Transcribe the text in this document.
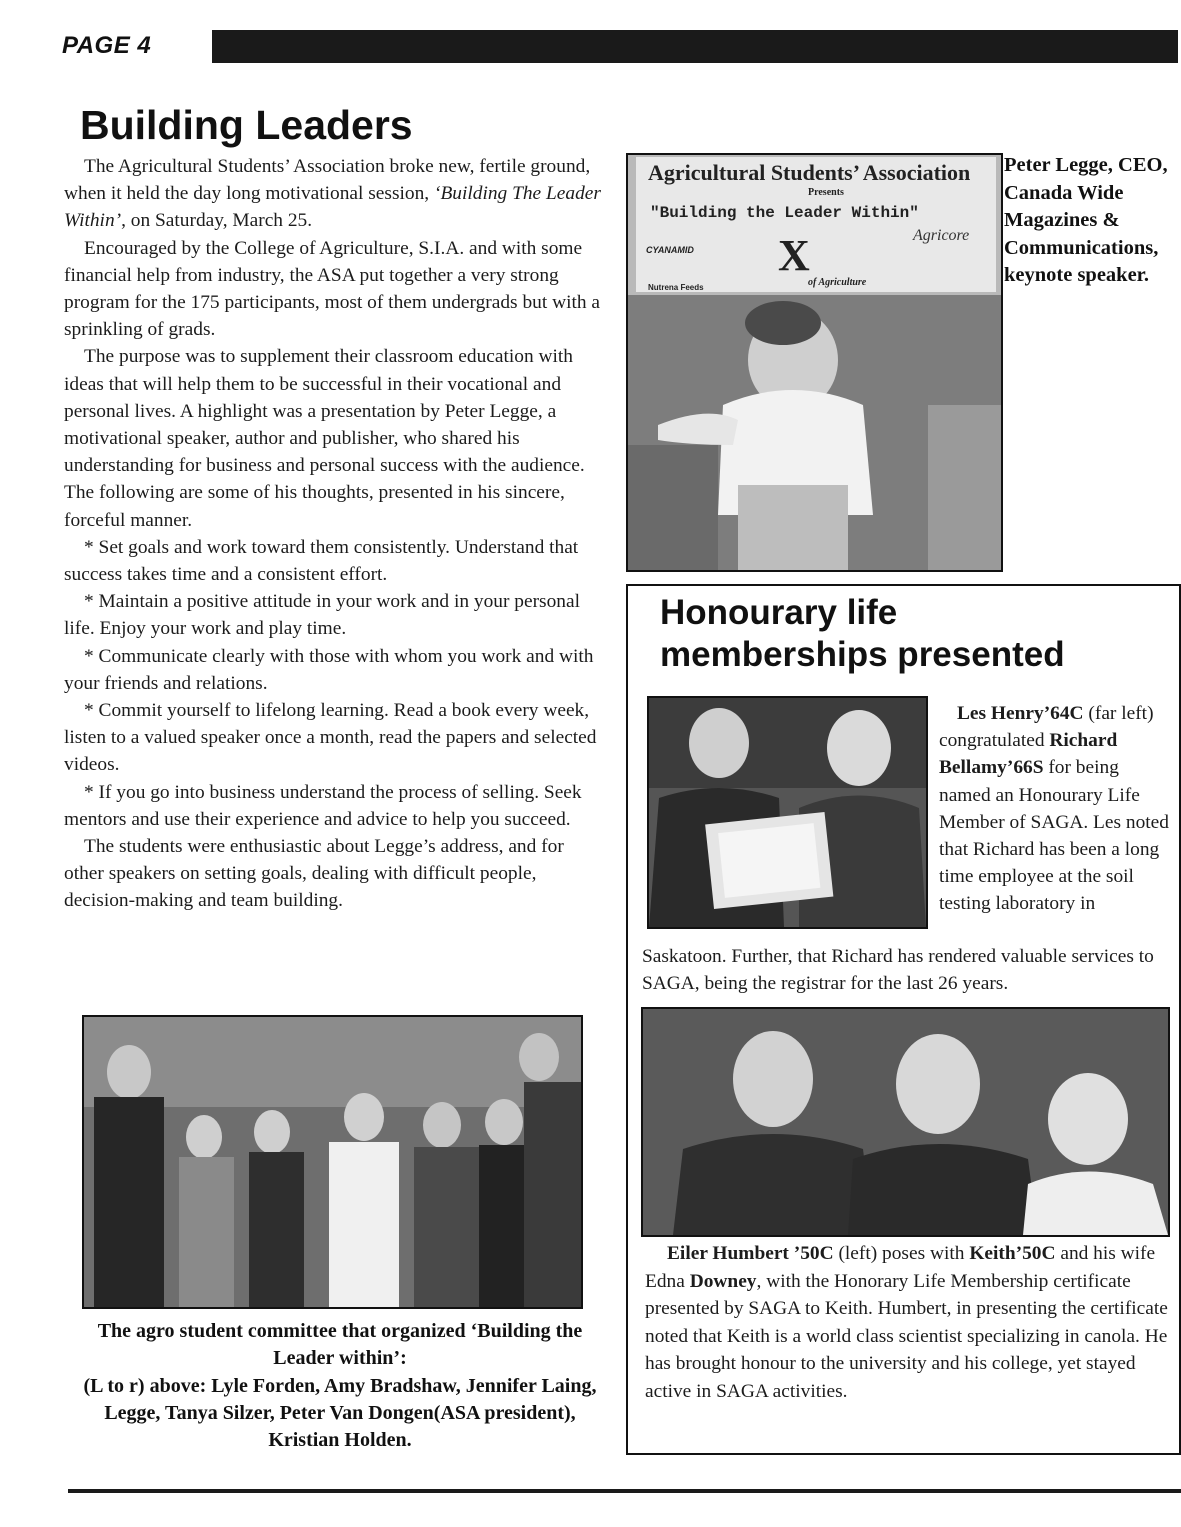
PAGE 4
Building Leaders

The Agricultural Students’ Association broke new, fertile ground, when it held the day long motivational session, ‘Building The Leader Within’, on Saturday, March 25.

Encouraged by the College of Agriculture, S.I.A. and with some financial help from industry, the ASA put together a very strong program for the 175 participants, most of them undergrads but with a sprinkling of grads.

The purpose was to supplement their classroom education with ideas that will help them to be successful in their vocational and personal lives. A highlight was a presentation by Peter Legge, a motivational speaker, author and publisher, who shared his understanding for business and personal success with the audience. The following are some of his thoughts, presented in his sincere, forceful manner.

* Set goals and work toward them consistently. Understand that success takes time and a consistent effort.

* Maintain a positive attitude in your work and in your personal life. Enjoy your work and play time.

* Communicate clearly with those with whom you work and with your friends and relations.

* Commit yourself to lifelong learning. Read a book every week, listen to a valued speaker once a month, read the papers and selected videos.

* If you go into business understand the process of selling. Seek mentors and use their experience and advice to help you succeed.

The students were enthusiastic about Legge’s address, and for other speakers on setting goals, dealing with difficult people, decision-making and team building.

Agricultural Students’ Association
Presents
"Building the Leader Within"
CYANAMID X	Agricore
Nutrena Feeds	of Agriculture
Peter Legge, CEO, Canada Wide Magazines & Communications, keynote speaker.
Honourary life memberships presented
Les Henry’64C (far left) congratulated Richard Bellamy’66S for being named an Honourary Life Member of SAGA. Les noted that Richard has been a long time employee at the soil testing laboratory in
Saskatoon. Further, that Richard has rendered valuable services to SAGA, being the registrar for the last 26 years.
Eiler Humbert ’50C (left) poses with Keith’50C and his wife Edna Downey, with the Honorary Life Membership certificate presented by SAGA to Keith. Humbert, in presenting the certificate noted that Keith is a world class scientist specializing in canola. He has brought honour to the university and his college, yet stayed active in SAGA activities.

The agro student committee that organized ‘Building the Leader within’:

(L to r) above: Lyle Forden, Amy Bradshaw, Jennifer Laing, Legge, Tanya Silzer, Peter Van Dongen(ASA president), Kristian Holden.
